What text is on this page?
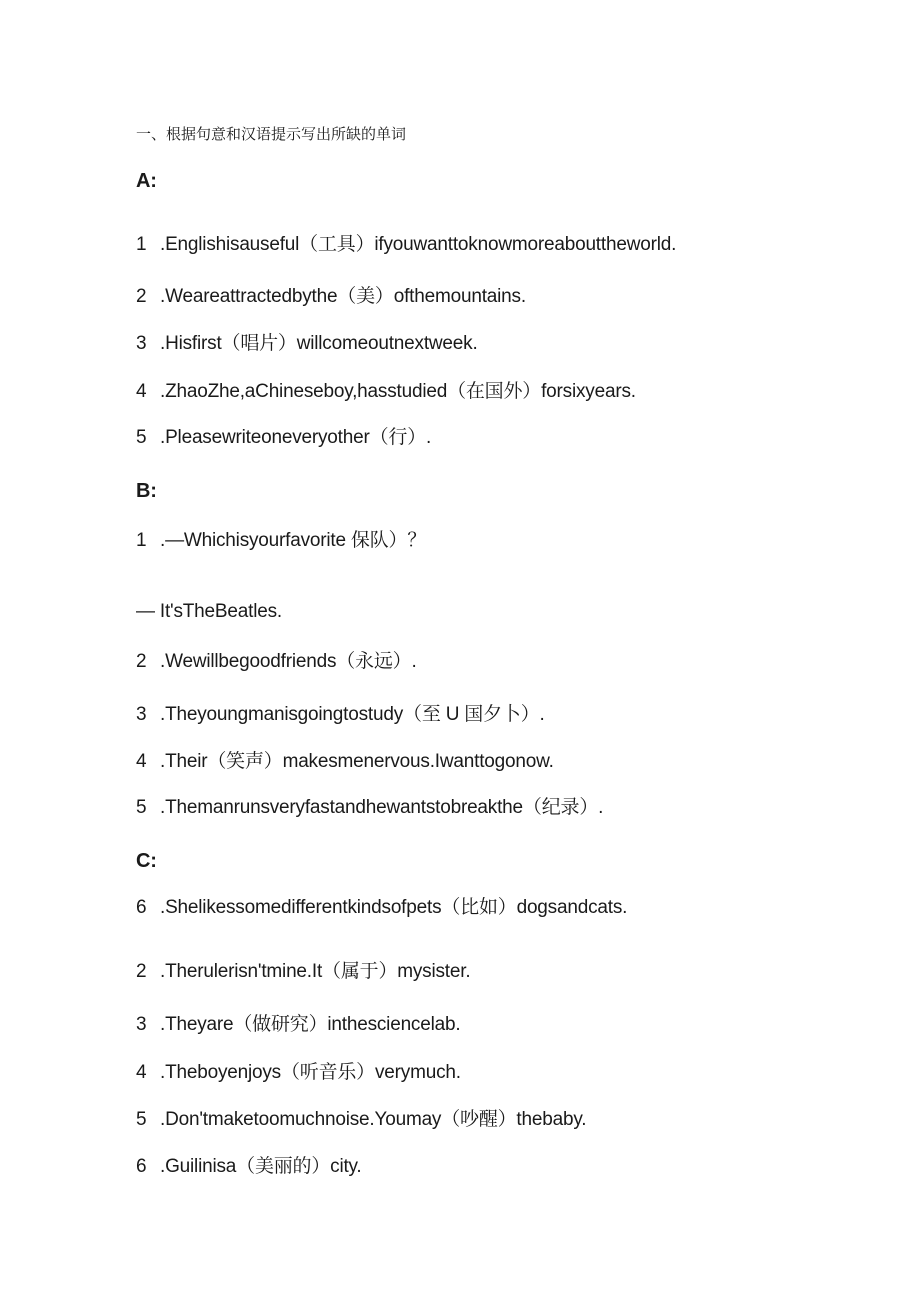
一、根据句意和汉语提示写出所缺的单词
A:
1 .Englishisauseful（工具）ifyouwanttoknowmoreabouttheworld.
2 .Weareattractedbythe（美）ofthemountains.
3 .Hisfirst（唱片）willcomeoutnextweek.
4 .ZhaoZhe,aChineseboy,hasstudied（在国外）forsixyears.
5 .Pleasewriteoneveryother（行）.
B:
1 .—Whichisyourfavorite 保队）？
— It'sTheBeatles.
2 .Wewillbegoodfriends（永远）.
3 .Theyoungmanisgoingtostudy（至 U 国夕卜）.
4 .Their（笑声）makesmenervous.Iwanttogonow.
5 .Themanrunsveryfastandhewantstobreakthe（纪录）.
C:
6 .Shelikessomedifferentkindsofpets（比如）dogsandcats.
2 .Therulerisn'tmine.It（属于）mysister.
3 .Theyare（做研究）inthesciencelab.
4 .Theboyenjoys（听音乐）verymuch.
5 .Don'tmaketoomuchnoise.Youmay（吵醒）thebaby.
6 .Guilinisa（美丽的）city.
